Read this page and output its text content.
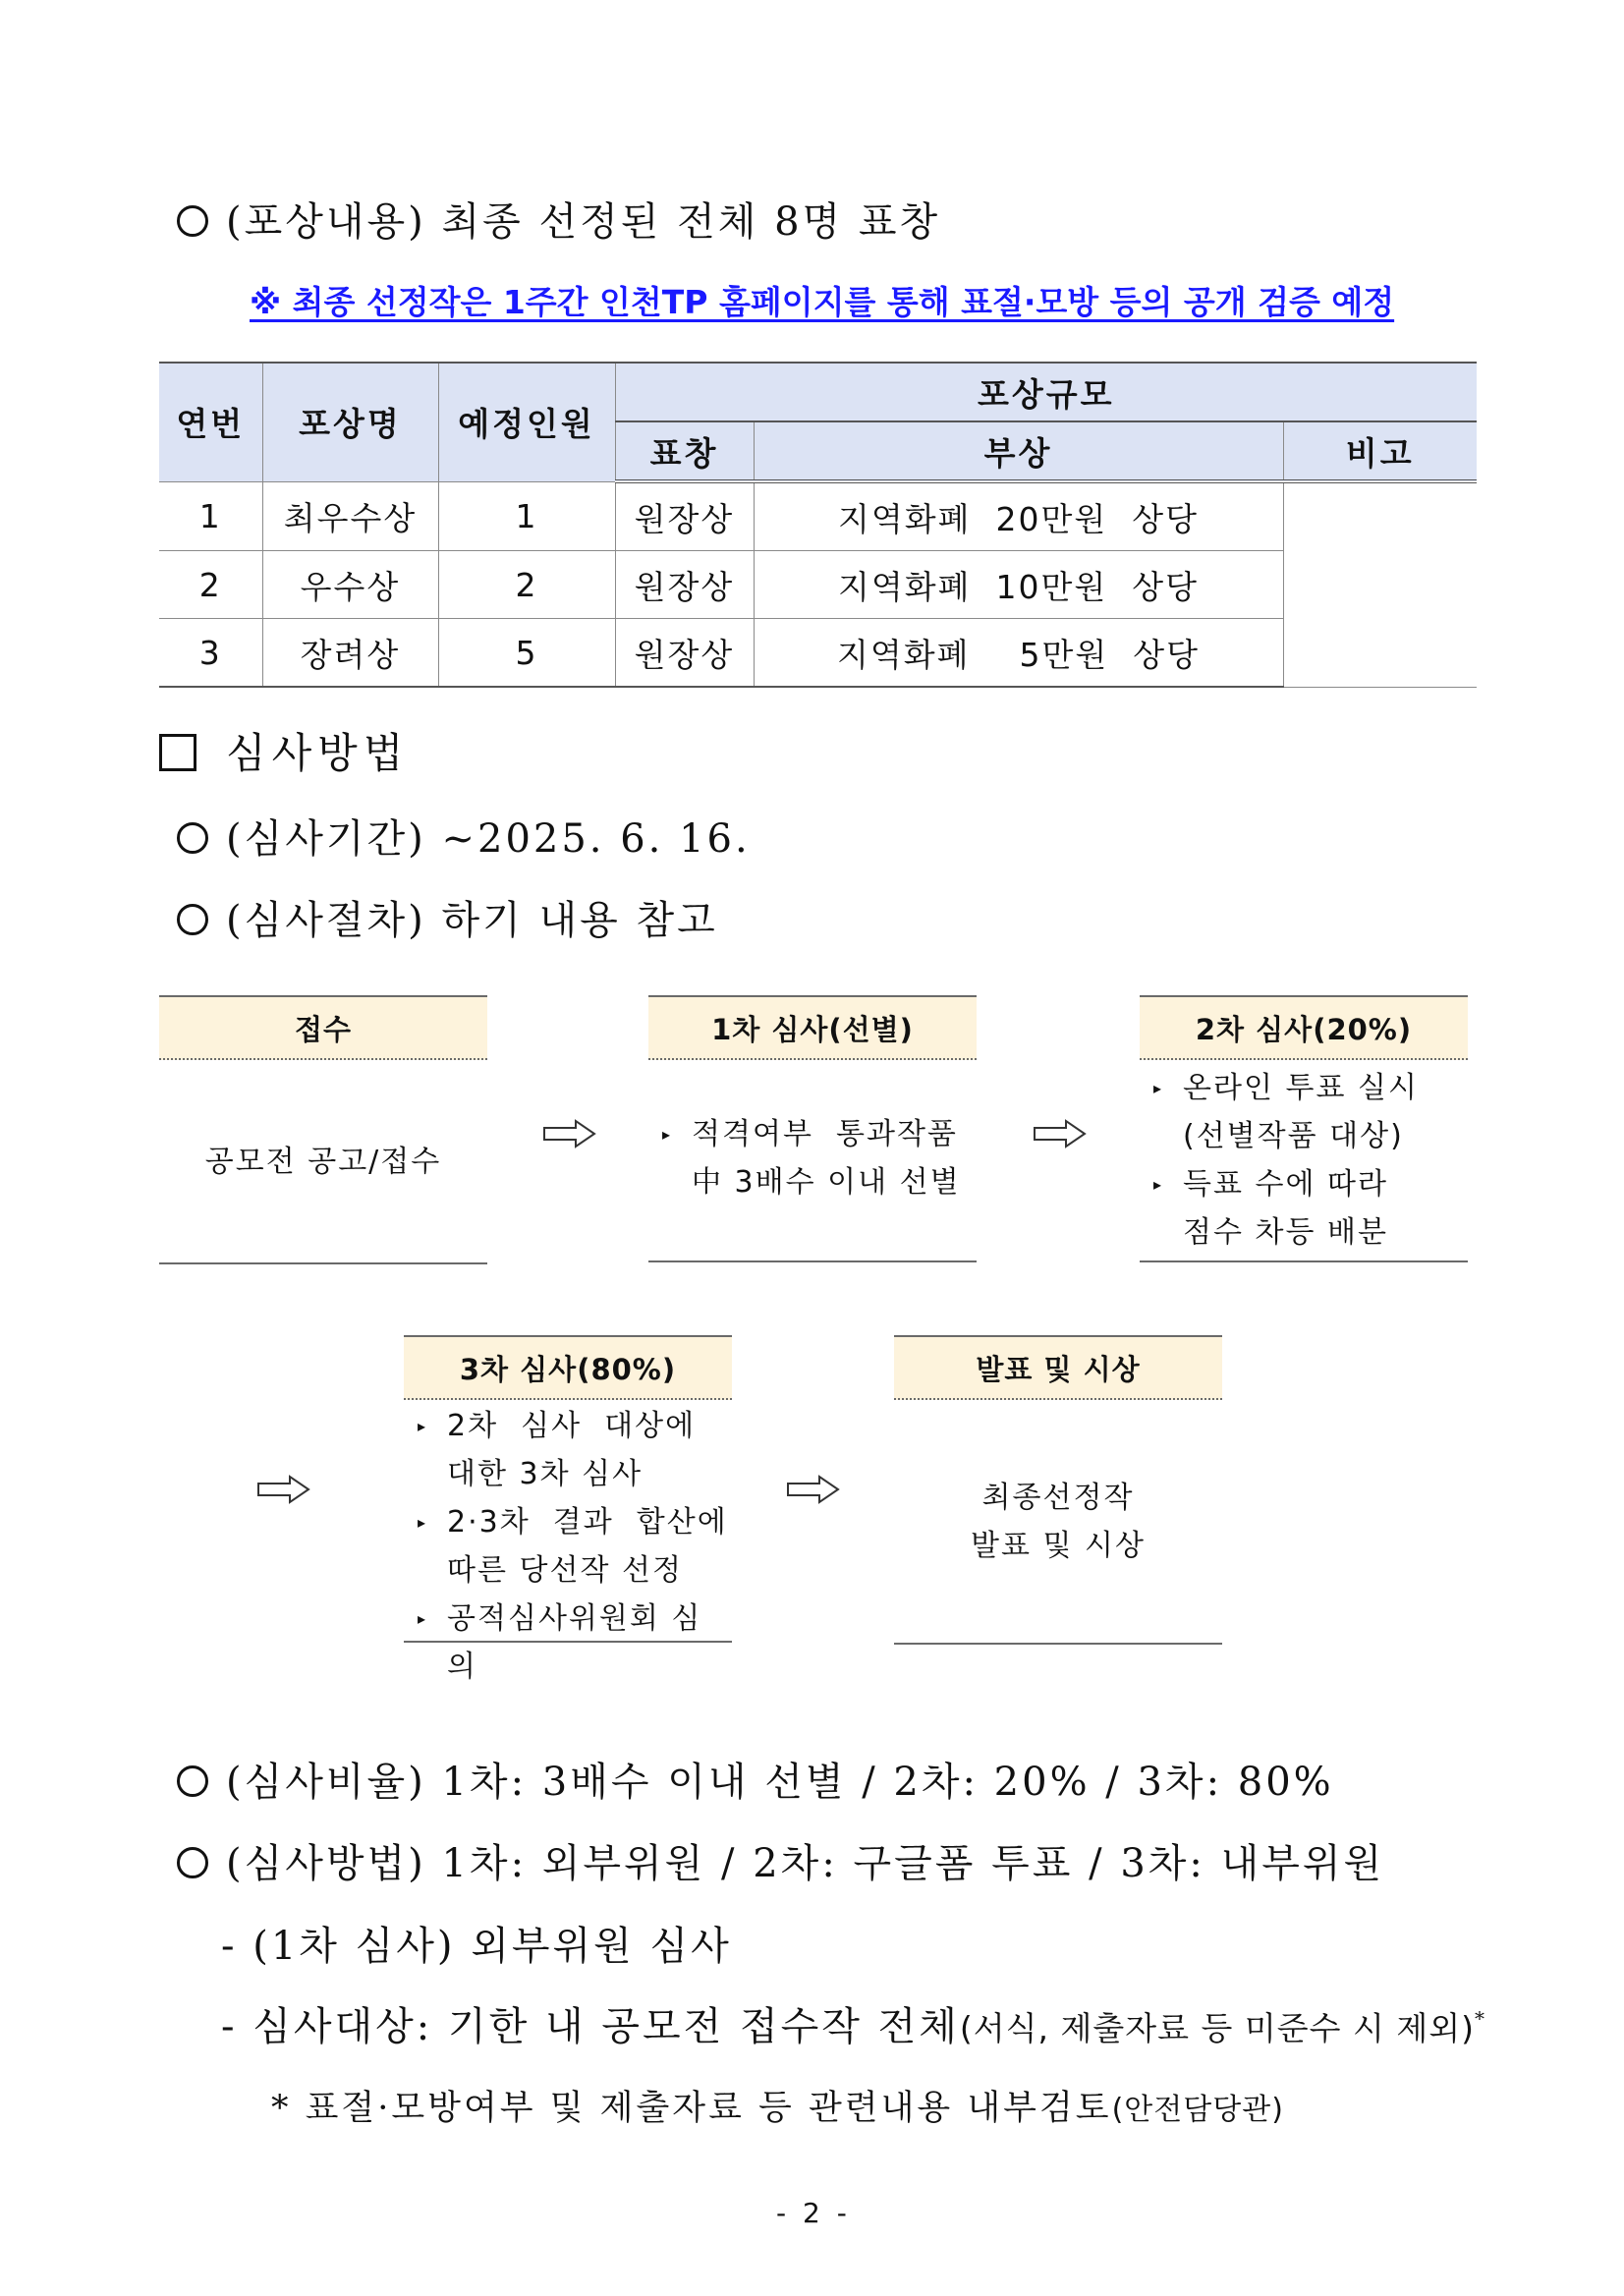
(포상내용) 최종 선정된 전체 8명 표창
※ 최종 선정작은 1주간 인천TP 홈페이지를 통해 표절·모방 등의 공개 검증 예정
연번	포상명	예정인원	포상규모		
			표창	부상	비고
1	최우수상	1	원장상	지역화폐  20만원  상당	
2	우수상	2	원장상	지역화폐  10만원  상당	
3	장려상	5	원장상	지역화폐    5만원  상당	
심사방법
(심사기간) ~2025. 6. 16.
(심사절차) 하기 내용 참고
접수
공모전 공고/접수
1차 심사(선별)
▸ 적격여부  통과작품
中 3배수 이내 선별
2차 심사(20%)
▸ 온라인 투표 실시
(선별작품 대상)
▸ 득표 수에 따라
점수 차등 배분
3차 심사(80%)
▸ 2차  심사  대상에
대한 3차 심사
▸ 2·3차  결과  합산에
따른 당선작 선정
▸ 공적심사위원회 심의
발표 및 시상
최종선정작
발표 및 시상
(심사비율) 1차: 3배수 이내 선별 / 2차: 20% / 3차: 80%
(심사방법) 1차: 외부위원 / 2차: 구글폼 투표 / 3차: 내부위원
- (1차 심사) 외부위원 심사
- 심사대상: 기한 내 공모전 접수작 전체(서식, 제출자료 등 미준수 시 제외)*
* 표절·모방여부 및 제출자료 등 관련내용 내부검토(안전담당관)
- 2 -
